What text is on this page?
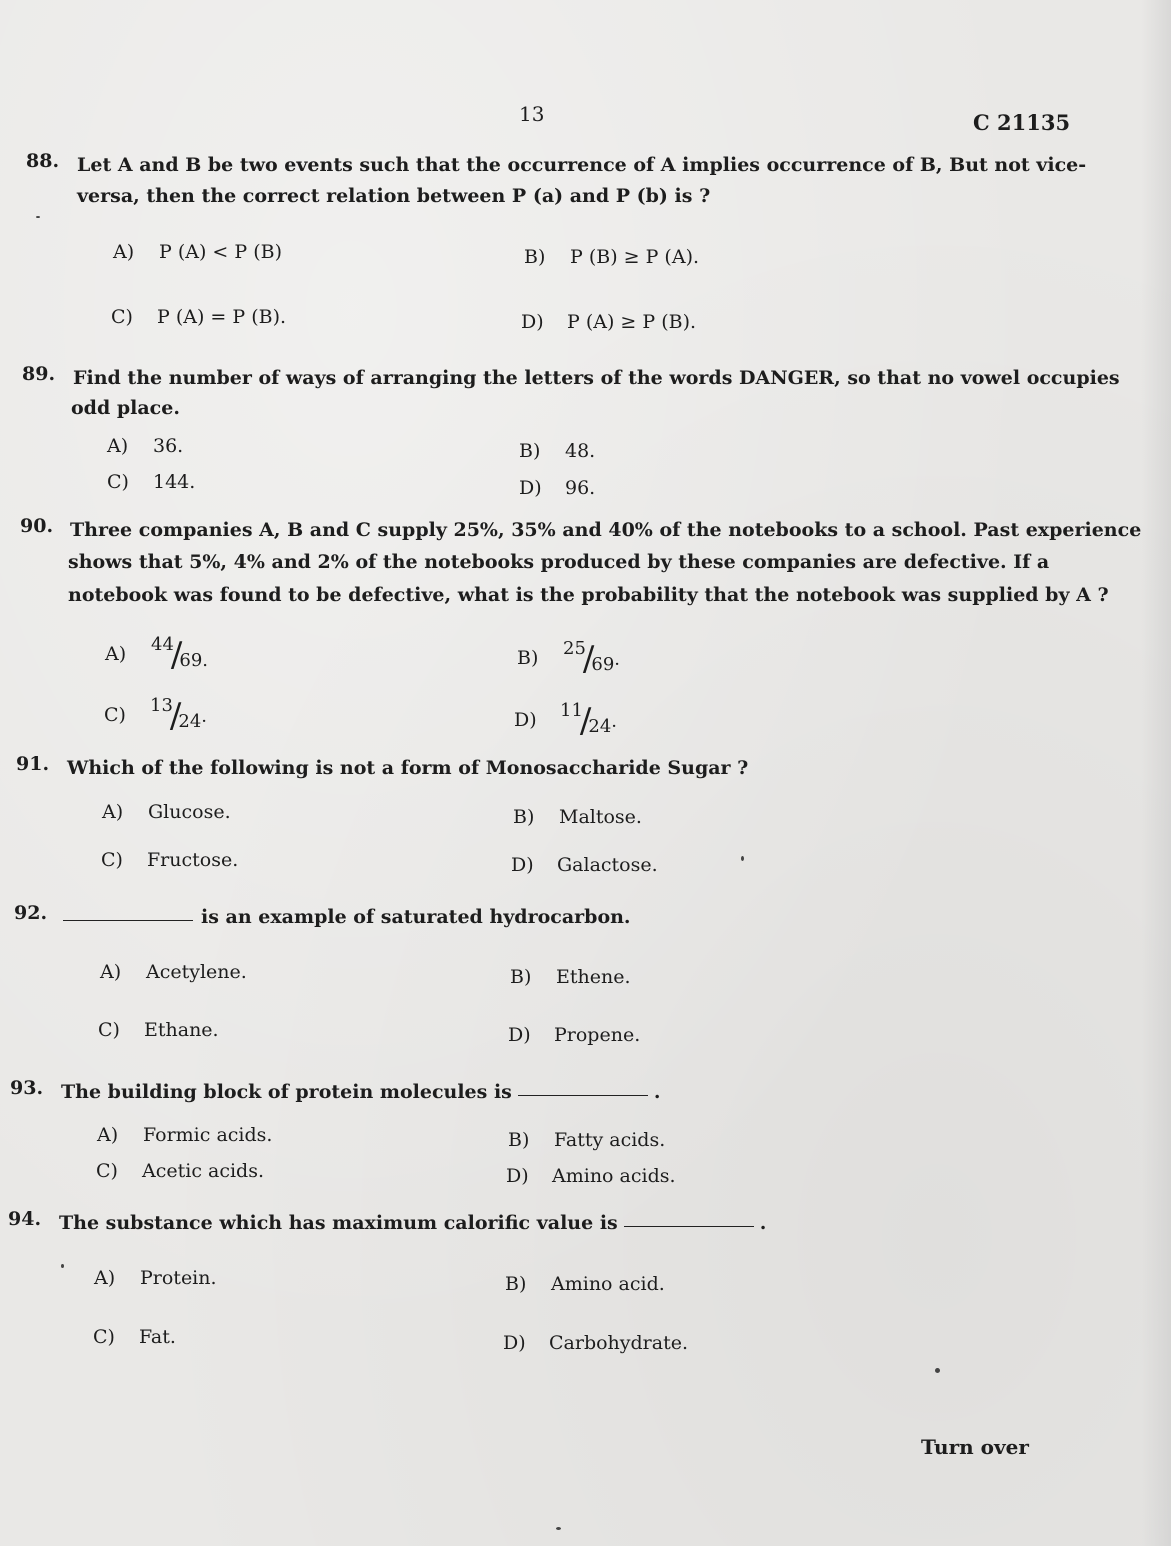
13	C 21135
88. Let A and B be two events such that the occurrence of A implies occurrence of B, But not vice-
versa, then the correct relation between P (a) and P (b) is ?
A) P (A) < P (B)	B) P (B) ≥ P (A).
C) P (A) = P (B).	D) P (A) ≥ P (B).
89. Find the number of ways of arranging the letters of the words DANGER, so that no vowel occupies
odd place.
A) 36.	B) 48.
C) 144.	D) 96.
90. Three companies A, B and C supply 25%, 35% and 40% of the notebooks to a school. Past experience
shows that 5%, 4% and 2% of the notebooks produced by these companies are defective. If a
notebook was found to be defective, what is the probability that the notebook was supplied by A ?
A) 44/69.	B) 25/69·
C) 13/24·	D) 11/24·
91. Which of the following is not a form of Monosaccharide Sugar ?
A) Glucose.	B) Maltose.
C) Fructose.	D) Galactose.
92.	is an example of saturated hydrocarbon.
A) Acetylene.	B) Ethene.
C) Ethane.	D) Propene.
93. The building block of protein molecules is	.
A) Formic acids.	B) Fatty acids.
C) Acetic acids.	D) Amino acids.
94. The substance which has maximum calorific value is	.
A) Protein.	B) Amino acid.
C) Fat.	D) Carbohydrate.
Turn over
